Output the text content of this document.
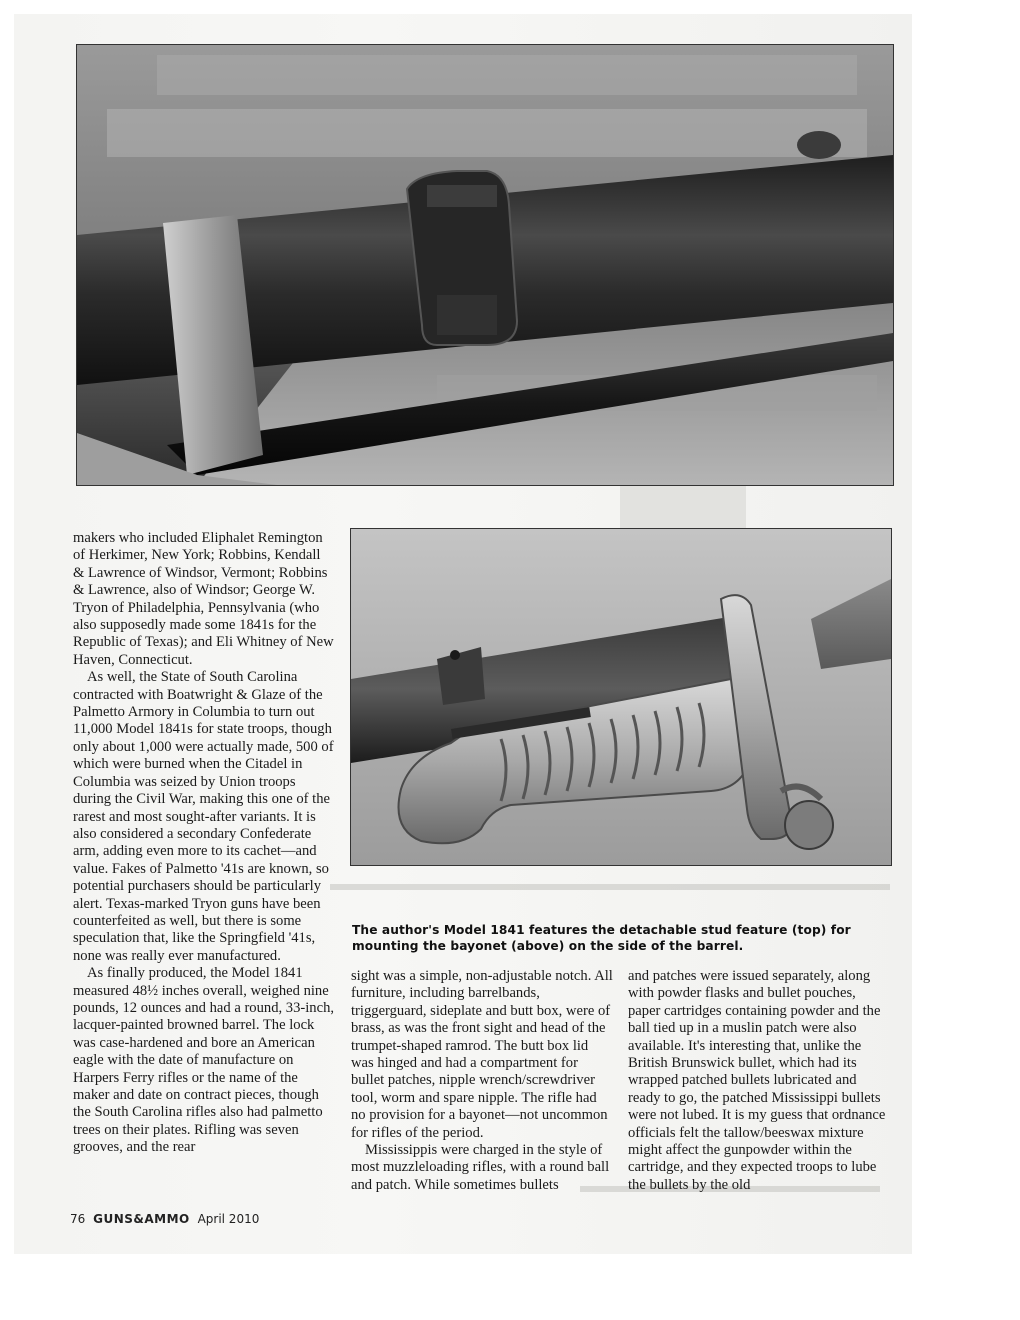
The author's Model 1841 features the detachable stud feature (top) for mounting the bayonet (above) on the side of the barrel.

makers who included Eliphalet Remington of Herkimer, New York; Robbins, Kendall & Lawrence of Windsor, Vermont; Robbins & Lawrence, also of Windsor; George W. Tryon of Philadelphia, Pennsylvania (who also supposedly made some 1841s for the Republic of Texas); and Eli Whitney of New Haven, Connecticut.

As well, the State of South Carolina contracted with Boatwright & Glaze of the Palmetto Armory in Columbia to turn out 11,000 Model 1841s for state troops, though only about 1,000 were actually made, 500 of which were burned when the Citadel in Columbia was seized by Union troops during the Civil War, making this one of the rarest and most sought-after variants. It is also considered a secondary Confederate arm, adding even more to its cachet—and value. Fakes of Palmetto '41s are known, so potential purchasers should be particularly alert. Texas-marked Tryon guns have been counterfeited as well, but there is some speculation that, like the Springfield '41s, none was really ever manufactured.

As finally produced, the Model 1841 measured 48½ inches overall, weighed nine pounds, 12 ounces and had a round, 33-inch, lacquer-painted browned barrel. The lock was case-hardened and bore an American eagle with the date of manufacture on Harpers Ferry rifles or the name of the maker and date on contract pieces, though the South Carolina rifles also had palmetto trees on their plates. Rifling was seven grooves, and the rear

sight was a simple, non-adjustable notch. All furniture, including barrelbands, triggerguard, sideplate and butt box, were of brass, as was the front sight and head of the trumpet-shaped ramrod. The butt box lid was hinged and had a compartment for bullet patches, nipple wrench/screwdriver tool, worm and spare nipple. The rifle had no provision for a bayonet—not uncommon for rifles of the period.

Mississippis were charged in the style of most muzzleloading rifles, with a round ball and patch. While sometimes bullets

and patches were issued separately, along with powder flasks and bullet pouches, paper cartridges containing powder and the ball tied up in a muslin patch were also available. It's interesting that, unlike the British Brunswick bullet, which had its wrapped patched bullets lubricated and ready to go, the patched Mississippi bullets were not lubed. It is my guess that ordnance officials felt the tallow/beeswax mixture might affect the gunpowder within the cartridge, and they expected troops to lube the bullets by the old

76 GUNS&AMMO April 2010
